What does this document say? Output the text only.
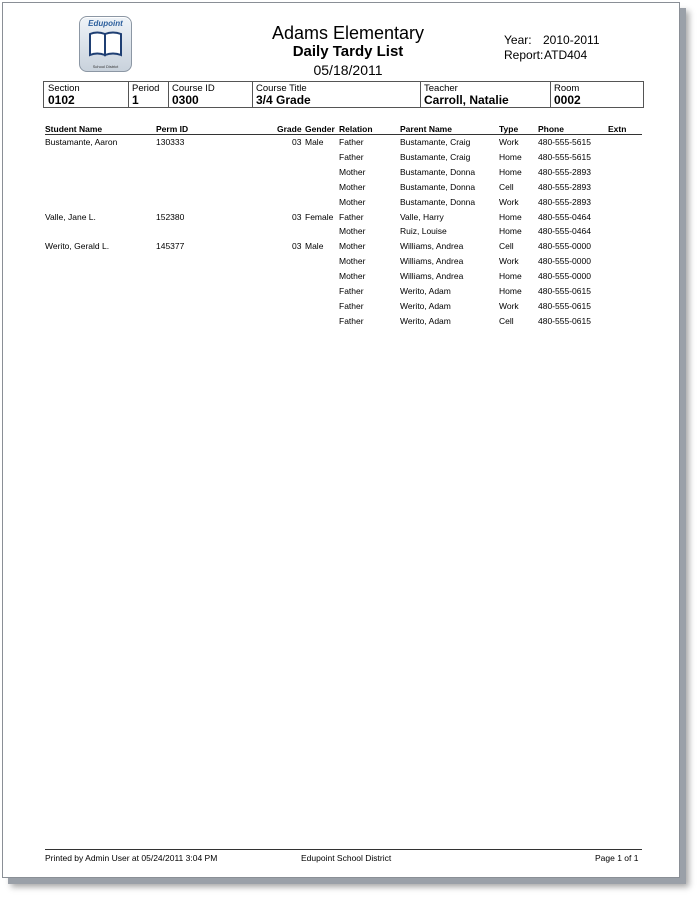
Edupoint
School District
Adams Elementary
Daily Tardy List
05/18/2011
Year: 2010-2011
Report: ATD404
Section
0102
Period
1
Course ID
0300
Course Title
3/4 Grade
Teacher
Carroll, Natalie
Room
0002
Student Name	Perm ID	Grade Gender Relation	Parent Name	Type Phone	Extn
Bustamante, Aaron	130333	03 Male Father	Bustamante, Craig	Work 480-555-5615
Father	Bustamante, Craig	Home 480-555-5615
Mother	Bustamante, Donna	Home 480-555-2893
Mother	Bustamante, Donna	Cell	480-555-2893
Mother	Bustamante, Donna	Work 480-555-2893
Valle, Jane L.	152380	03 Female Father	Valle, Harry	Home 480-555-0464
Mother	Ruiz, Louise	Home 480-555-0464
Werito, Gerald L.	145377	03 Male Mother	Williams, Andrea	Cell	480-555-0000
Mother	Williams, Andrea	Work 480-555-0000
Mother	Williams, Andrea	Home 480-555-0000
Father	Werito, Adam	Home 480-555-0615
Father	Werito, Adam	Work 480-555-0615
Father	Werito, Adam	Cell	480-555-0615
Printed by Admin User at 05/24/2011 3:04 PM	Edupoint School District	Page 1 of 1
